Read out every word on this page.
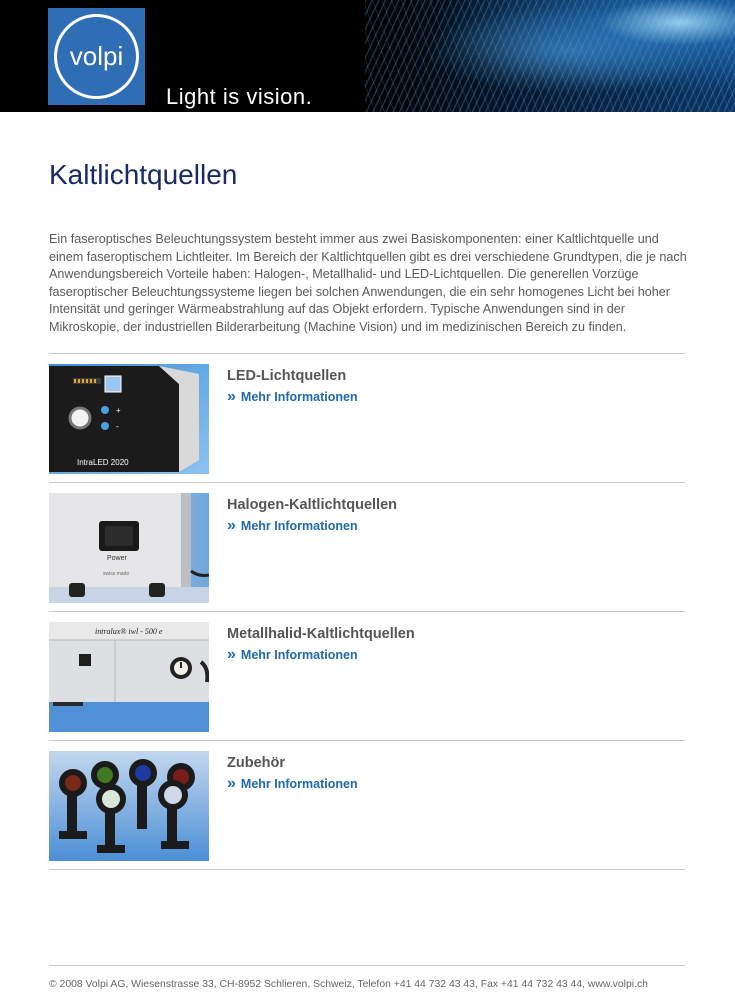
volpi
Light is vision.
Kaltlichtquellen

Ein faseroptisches Beleuchtungssystem besteht immer aus zwei Basiskomponenten: einer Kaltlichtquelle und einem faseroptischem Lichtleiter. Im Bereich der Kaltlichtquellen gibt es drei verschiedene Grundtypen, die je nach Anwendungsbereich Vorteile haben: Halogen-, Metallhalid- und LED-Lichtquellen. Die generellen Vorzüge faseroptischer Beleuchtungssysteme liegen bei solchen Anwendungen, die ein sehr homogenes Licht bei hoher Intensität und geringer Wärmeabstrahlung auf das Objekt erfordern. Typische Anwendungen sind in der Mikroskopie, der industriellen Bilderarbeitung (Machine Vision) und im medizinischen Bereich zu finden.

+
-
IntraLED 2020
LED-Lichtquellen
» Mehr Informationen
Power
swiss made
Halogen-Kaltlichtquellen
» Mehr Informationen
intralux® iwl - 500 e	Metallhalid-Kaltlichtquellen
» Mehr Informationen
Zubehör
» Mehr Informationen
© 2008 Volpi AG, Wiesenstrasse 33, CH-8952 Schlieren, Schweiz, Telefon +41 44 732 43 43, Fax +41 44 732 43 44, www.volpi.ch
